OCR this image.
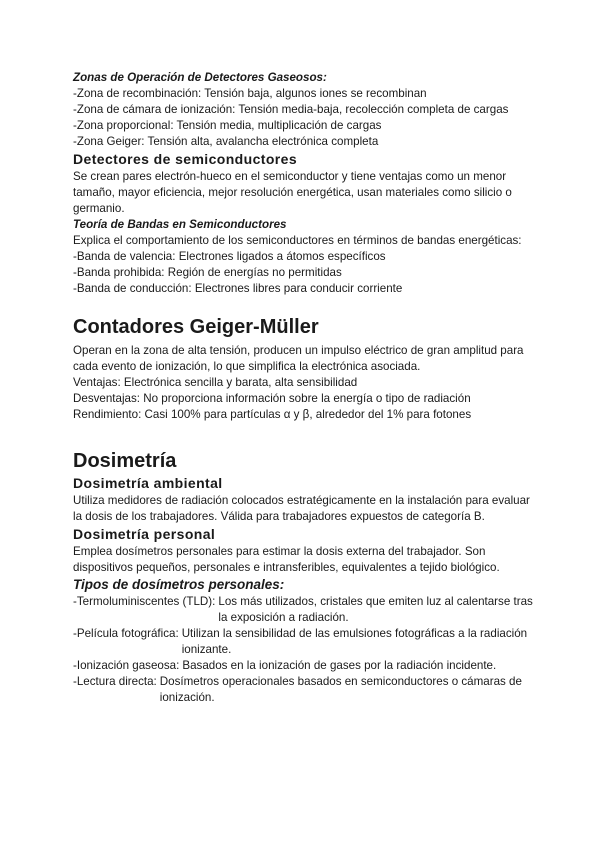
Zonas de Operación de Detectores Gaseosos:
-Zona de recombinación: Tensión baja, algunos iones se recombinan
-Zona de cámara de ionización: Tensión media-baja, recolección completa de cargas
-Zona proporcional: Tensión media, multiplicación de cargas
-Zona Geiger: Tensión alta, avalancha electrónica completa
Detectores de semiconductores
Se crean pares electrón-hueco en el semiconductor y tiene ventajas como un menor tamaño, mayor eficiencia, mejor resolución energética, usan materiales como silicio o germanio.
Teoría de Bandas en Semiconductores
Explica el comportamiento de los semiconductores en términos de bandas energéticas:
-Banda de valencia: Electrones ligados a átomos específicos
-Banda prohibida: Región de energías no permitidas
-Banda de conducción: Electrones libres para conducir corriente
Contadores Geiger-Müller
Operan en la zona de alta tensión, producen un impulso eléctrico de gran amplitud para cada evento de ionización, lo que simplifica la electrónica asociada.
Ventajas: Electrónica sencilla y barata, alta sensibilidad
Desventajas: No proporciona información sobre la energía o tipo de radiación
Rendimiento: Casi 100% para partículas α y β, alrededor del 1% para fotones
Dosimetría
Dosimetría ambiental
Utiliza medidores de radiación colocados estratégicamente en la instalación para evaluar la dosis de los trabajadores. Válida para trabajadores expuestos de categoría B.
Dosimetría personal
Emplea dosímetros personales para estimar la dosis externa del trabajador. Son dispositivos pequeños, personales e intransferibles, equivalentes a tejido biológico.
Tipos de dosímetros personales:
-Termoluminiscentes (TLD): Los más utilizados, cristales que emiten luz al calentarse tras la exposición a radiación.
-Película fotográfica: Utilizan la sensibilidad de las emulsiones fotográficas a la radiación ionizante.
-Ionización gaseosa: Basados en la ionización de gases por la radiación incidente.
-Lectura directa: Dosímetros operacionales basados en semiconductores o cámaras de ionización.
